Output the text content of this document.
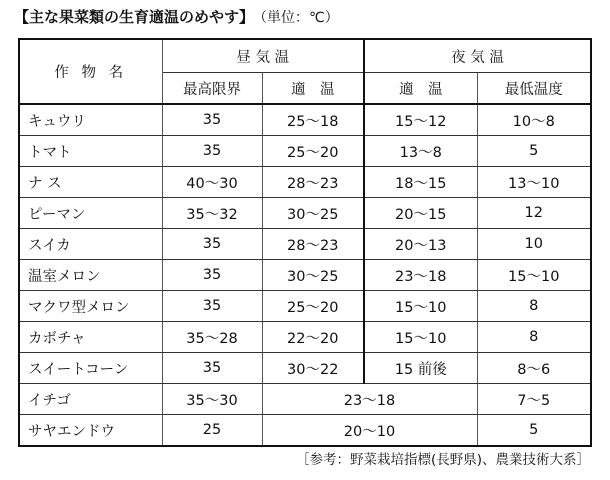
【主な果菜類の生育適温のめやす】 （単位：℃）
作 物 名	昼 気 温		夜 気 温	
	最高限界	適　温	適　温	最低温度
キュウリ	35	25～18	15～12	10～8
トマト	35	25～20	13～8	5
ナ ス	40～30	28～23	18～15	13～10
ピーマン	35～32	30～25	20～15	12
スイカ	35	28～23	20～13	10
温室メロン	35	30～25	23～18	15～10
マクワ型メロン	35	25～20	15～10	8
カボチャ	35～28	22～20	15～10	8
スイートコーン	35	30～22	15 前後	8～6
イチゴ	35～30	23～18		7～5
サヤエンドウ	25	20～10		5
［参考：野菜栽培指標(長野県)、農業技術大系］
